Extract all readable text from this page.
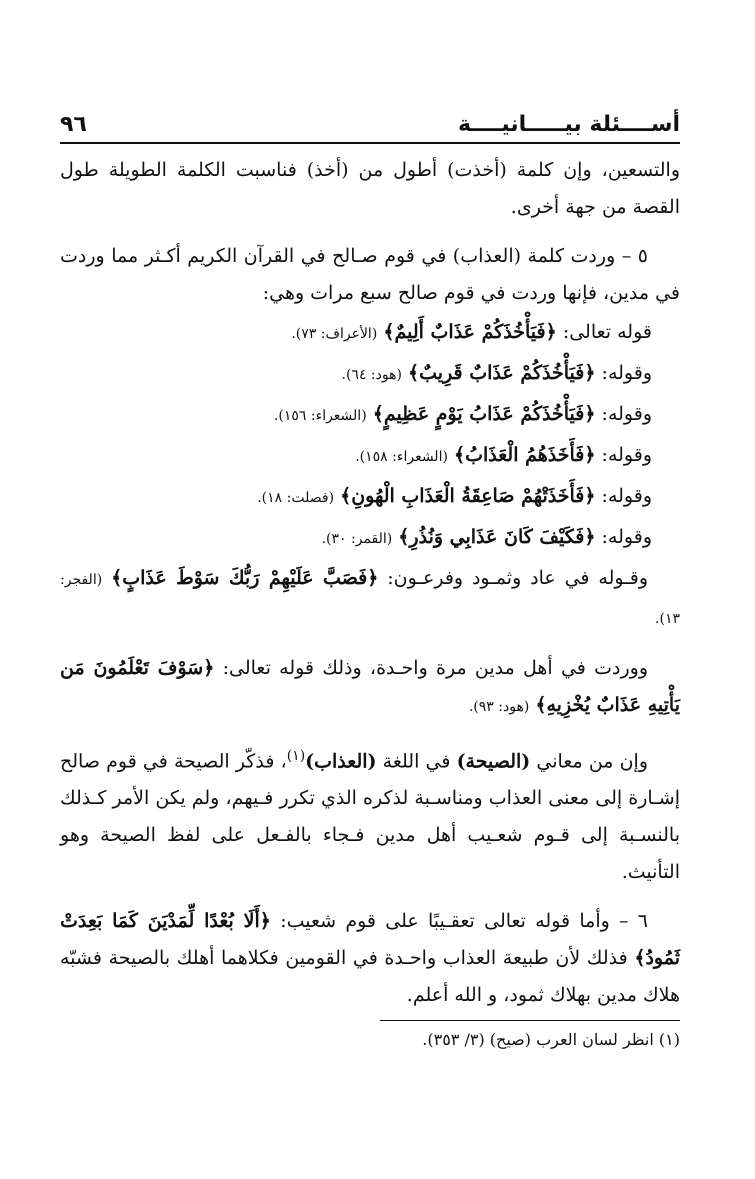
أســــئلة بيـــــانيــــة
٩٦

والتسعين، وإن كلمة (أخذت) أطول من (أخذ) فناسبت الكلمة الطويلة طول القصة من جهة أخرى.

٥ – وردت كلمة (العذاب) في قوم صـالح في القرآن الكريم أكـثر مما وردت في مدين، فإنها وردت في قوم صالح سبع مرات وهي:

قوله تعالى: ﴿فَيَأْخُذَكُمْ عَذَابٌ أَلِيمٌ﴾ (الأعراف: ٧٣).

وقوله: ﴿فَيَأْخُذَكُمْ عَذَابٌ قَرِيبٌ﴾ (هود: ٦٤).

وقوله: ﴿فَيَأْخُذَكُمْ عَذَابُ يَوْمٍ عَظِيمٍ﴾ (الشعراء: ١٥٦).

وقوله: ﴿فَأَخَذَهُمُ الْعَذَابُ﴾ (الشعراء: ١٥٨).

وقوله: ﴿فَأَخَذَتْهُمْ صَاعِقَةُ الْعَذَابِ الْهُونِ﴾ (فصلت: ١٨).

وقوله: ﴿فَكَيْفَ كَانَ عَذَابِي وَنُذُرِ﴾ (القمر: ٣٠).

وقـوله في عاد وثمـود وفرعـون: ﴿فَصَبَّ عَلَيْهِمْ رَبُّكَ سَوْطَ عَذَابٍ﴾ (الفجر: ١٣).

ووردت في أهل مدين مرة واحـدة، وذلك قوله تعالى: ﴿سَوْفَ تَعْلَمُونَ مَن يَأْتِيهِ عَذَابٌ يُخْزِيهِ﴾ (هود: ٩٣).

وإن من معاني (الصيحة) في اللغة (العذاب)$^{(١)}$، فذكّر الصيحة في قوم صالح إشـارة إلى معنى العذاب ومناسـبة لذكره الذي تكرر فـيهم، ولم يكن الأمر كـذلك بالنسـبة إلى قـوم شعـيب أهل مدين فـجاء بالفـعل على لفظ الصيحة وهو التأنيث.

٦ – وأما قوله تعالى تعقـيبًا على قوم شعيب: ﴿أَلَا بُعْدًا لِّمَدْيَنَ كَمَا بَعِدَتْ ثَمُودُ﴾ فذلك لأن طبيعة العذاب واحـدة في القومين فكلاهما أهلك بالصيحة فشبّه هلاك مدين بهلاك ثمود، و الله أعلم.

(١) انظر لسان العرب (صيح) (٣/ ٣٥٣).
